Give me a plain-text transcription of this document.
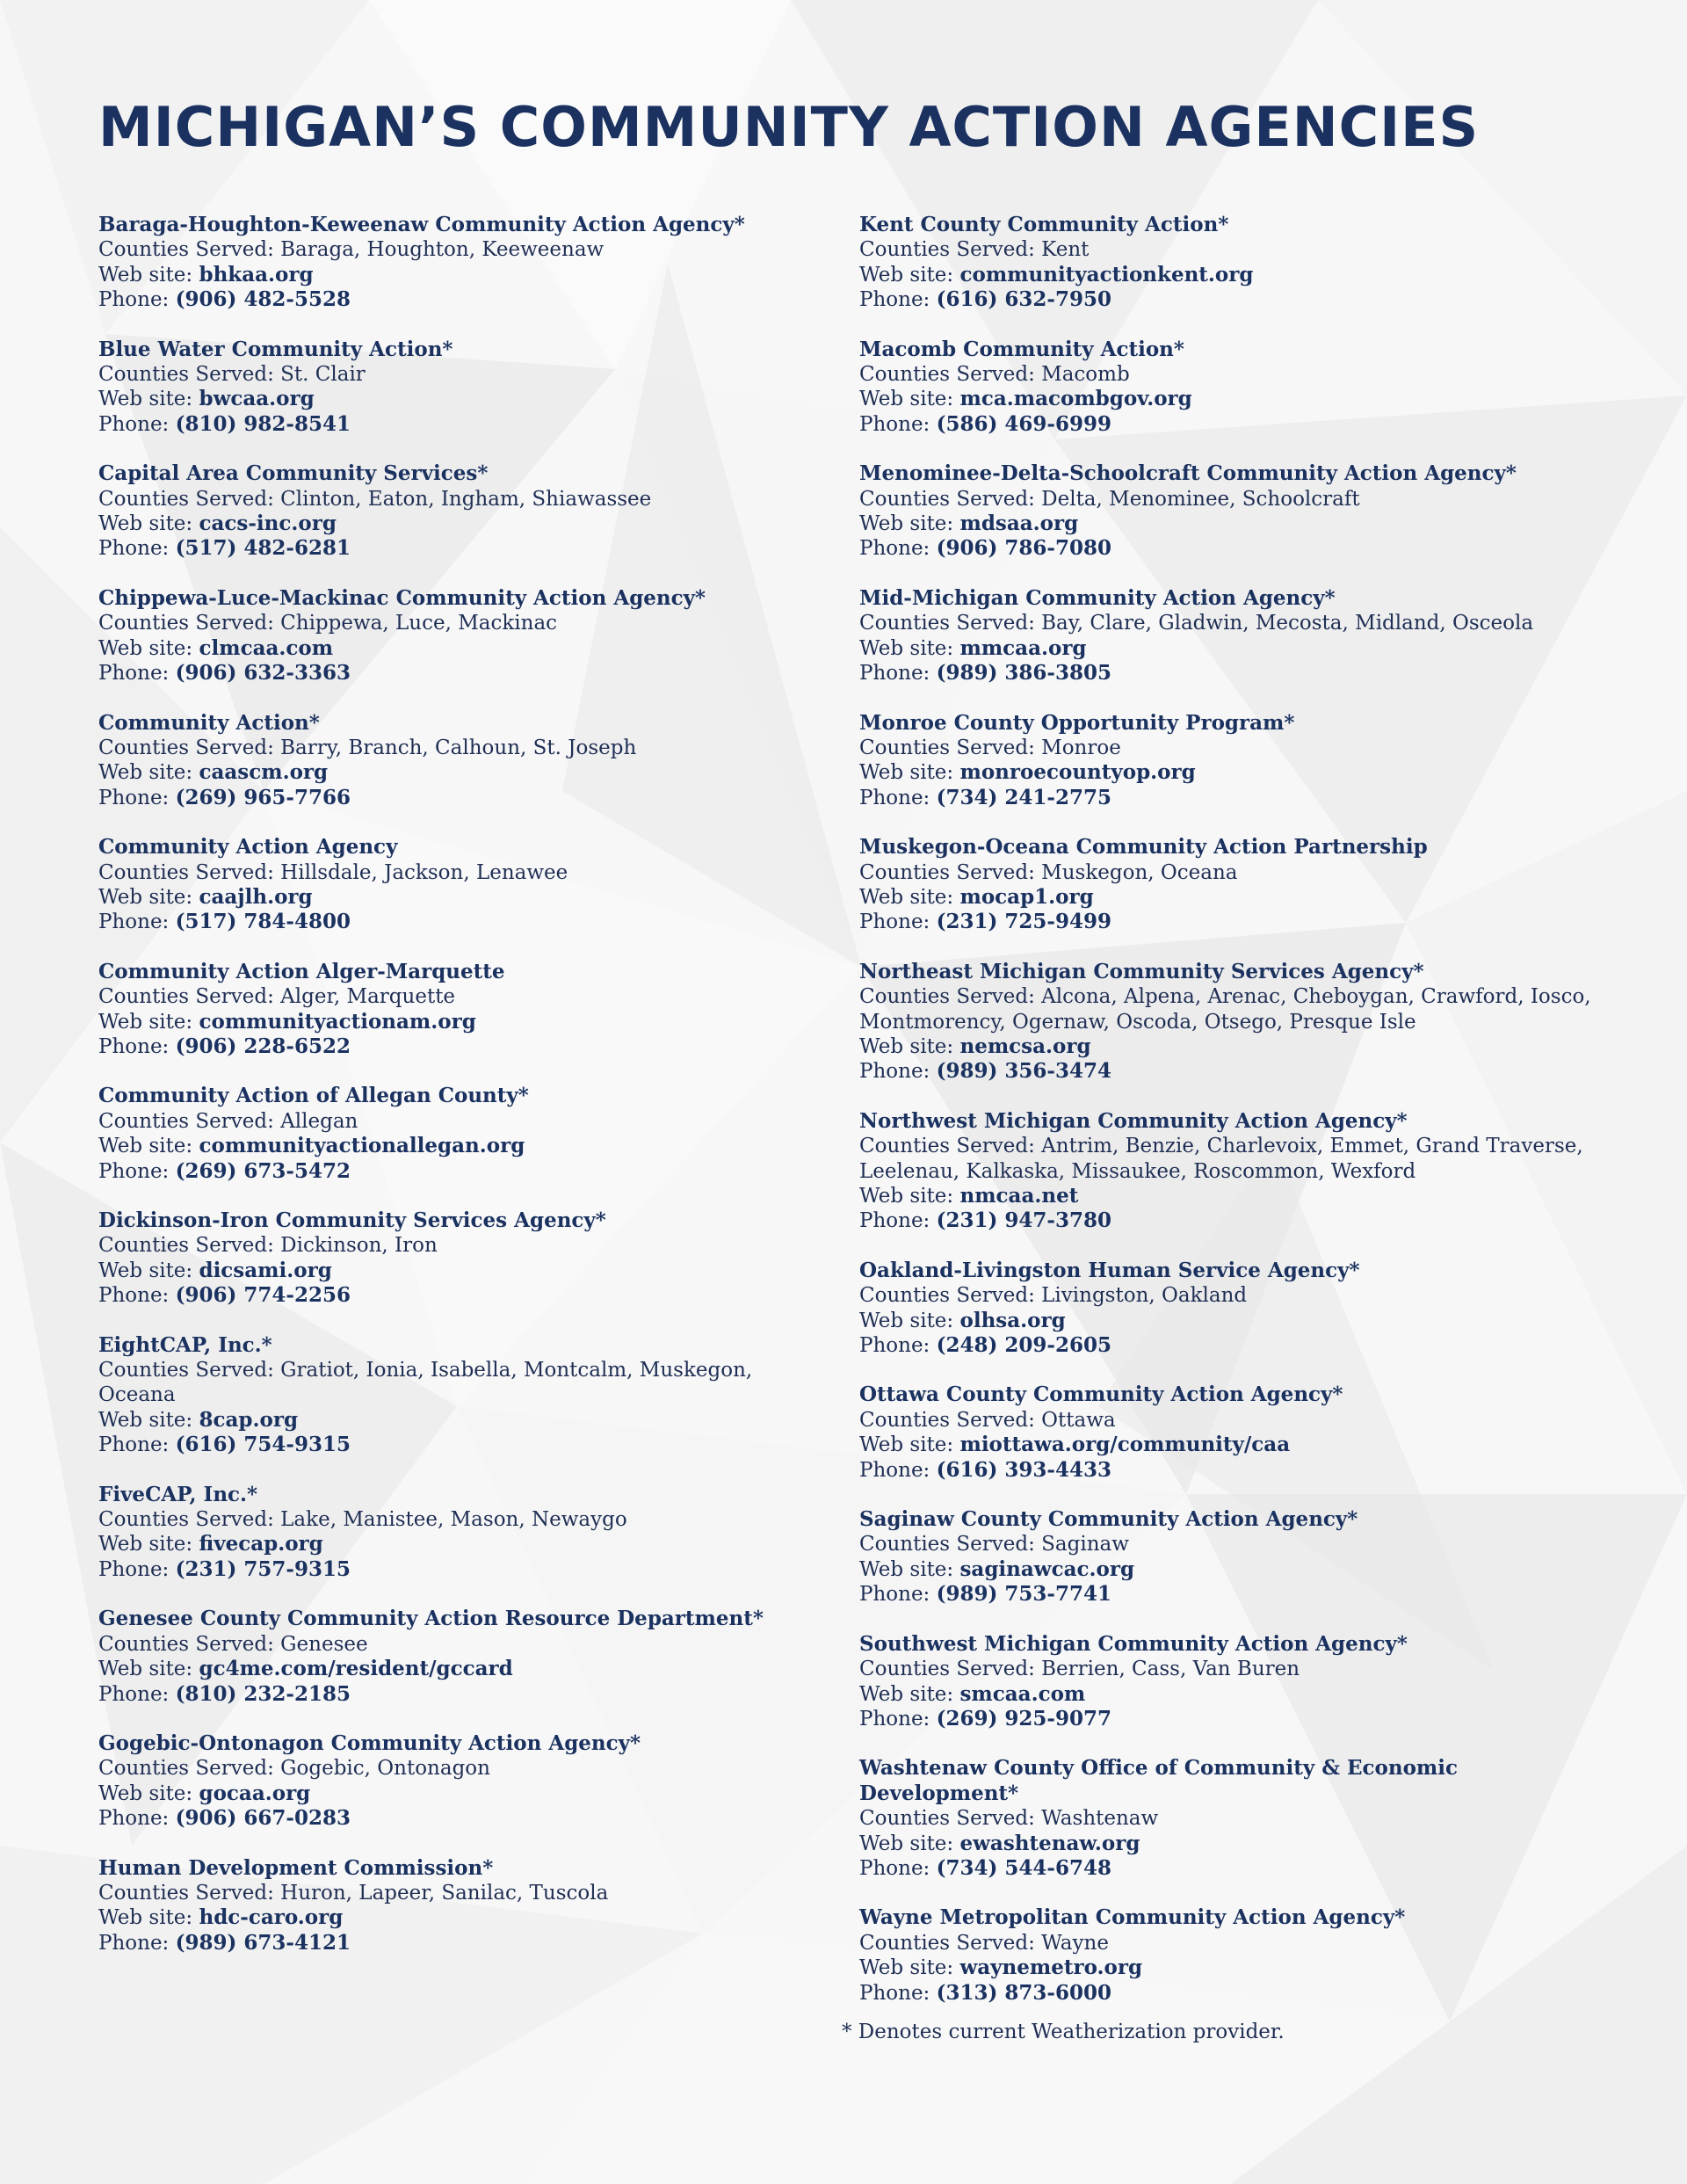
MICHIGAN’S COMMUNITY ACTION AGENCIES
Baraga-Houghton-Keweenaw Community Action Agency*
Counties Served: Baraga, Houghton, Keeweenaw
Web site: bhkaa.org
Phone: (906) 482-5528
Blue Water Community Action*
Counties Served: St. Clair
Web site: bwcaa.org
Phone: (810) 982-8541
Capital Area Community Services*
Counties Served: Clinton, Eaton, Ingham, Shiawassee
Web site: cacs-inc.org
Phone: (517) 482-6281
Chippewa-Luce-Mackinac Community Action Agency*
Counties Served: Chippewa, Luce, Mackinac
Web site: clmcaa.com
Phone: (906) 632-3363
Community Action*
Counties Served: Barry, Branch, Calhoun, St. Joseph
Web site: caascm.org
Phone: (269) 965-7766
Community Action Agency
Counties Served: Hillsdale, Jackson, Lenawee
Web site: caajlh.org
Phone: (517) 784-4800
Community Action Alger-Marquette
Counties Served: Alger, Marquette
Web site: communityactionam.org
Phone: (906) 228-6522
Community Action of Allegan County*
Counties Served: Allegan
Web site: communityactionallegan.org
Phone: (269) 673-5472
Dickinson-Iron Community Services Agency*
Counties Served: Dickinson, Iron
Web site: dicsami.org
Phone: (906) 774-2256
EightCAP, Inc.*
Counties Served: Gratiot, Ionia, Isabella, Montcalm, Muskegon, Oceana
Web site: 8cap.org
Phone: (616) 754-9315
FiveCAP, Inc.*
Counties Served: Lake, Manistee, Mason, Newaygo
Web site: fivecap.org
Phone: (231) 757-9315
Genesee County Community Action Resource Department*
Counties Served: Genesee
Web site: gc4me.com/resident/gccard
Phone: (810) 232-2185
Gogebic-Ontonagon Community Action Agency*
Counties Served: Gogebic, Ontonagon
Web site: gocaa.org
Phone: (906) 667-0283
Human Development Commission*
Counties Served: Huron, Lapeer, Sanilac, Tuscola
Web site: hdc-caro.org
Phone: (989) 673-4121
Kent County Community Action*
Counties Served: Kent
Web site: communityactionkent.org
Phone: (616) 632-7950
Macomb Community Action*
Counties Served: Macomb
Web site: mca.macombgov.org
Phone: (586) 469-6999
Menominee-Delta-Schoolcraft Community Action Agency*
Counties Served: Delta, Menominee, Schoolcraft
Web site: mdsaa.org
Phone: (906) 786-7080
Mid-Michigan Community Action Agency*
Counties Served: Bay, Clare, Gladwin, Mecosta, Midland, Osceola
Web site: mmcaa.org
Phone: (989) 386-3805
Monroe County Opportunity Program*
Counties Served: Monroe
Web site: monroecountyop.org
Phone: (734) 241-2775
Muskegon-Oceana Community Action Partnership
Counties Served: Muskegon, Oceana
Web site: mocap1.org
Phone: (231) 725-9499
Northeast Michigan Community Services Agency*
Counties Served: Alcona, Alpena, Arenac, Cheboygan, Crawford, Iosco, Montmorency, Ogernaw, Oscoda, Otsego, Presque Isle
Web site: nemcsa.org
Phone: (989) 356-3474
Northwest Michigan Community Action Agency*
Counties Served: Antrim, Benzie, Charlevoix, Emmet, Grand Traverse, Leelenau, Kalkaska, Missaukee, Roscommon, Wexford
Web site: nmcaa.net
Phone: (231) 947-3780
Oakland-Livingston Human Service Agency*
Counties Served: Livingston, Oakland
Web site: olhsa.org
Phone: (248) 209-2605
Ottawa County Community Action Agency*
Counties Served: Ottawa
Web site: miottawa.org/community/caa
Phone: (616) 393-4433
Saginaw County Community Action Agency*
Counties Served: Saginaw
Web site: saginawcac.org
Phone: (989) 753-7741
Southwest Michigan Community Action Agency*
Counties Served: Berrien, Cass, Van Buren
Web site: smcaa.com
Phone: (269) 925-9077
Washtenaw County Office of Community & Economic Development*
Counties Served: Washtenaw
Web site: ewashtenaw.org
Phone: (734) 544-6748
Wayne Metropolitan Community Action Agency*
Counties Served: Wayne
Web site: waynemetro.org
Phone: (313) 873-6000
* Denotes current Weatherization provider.
